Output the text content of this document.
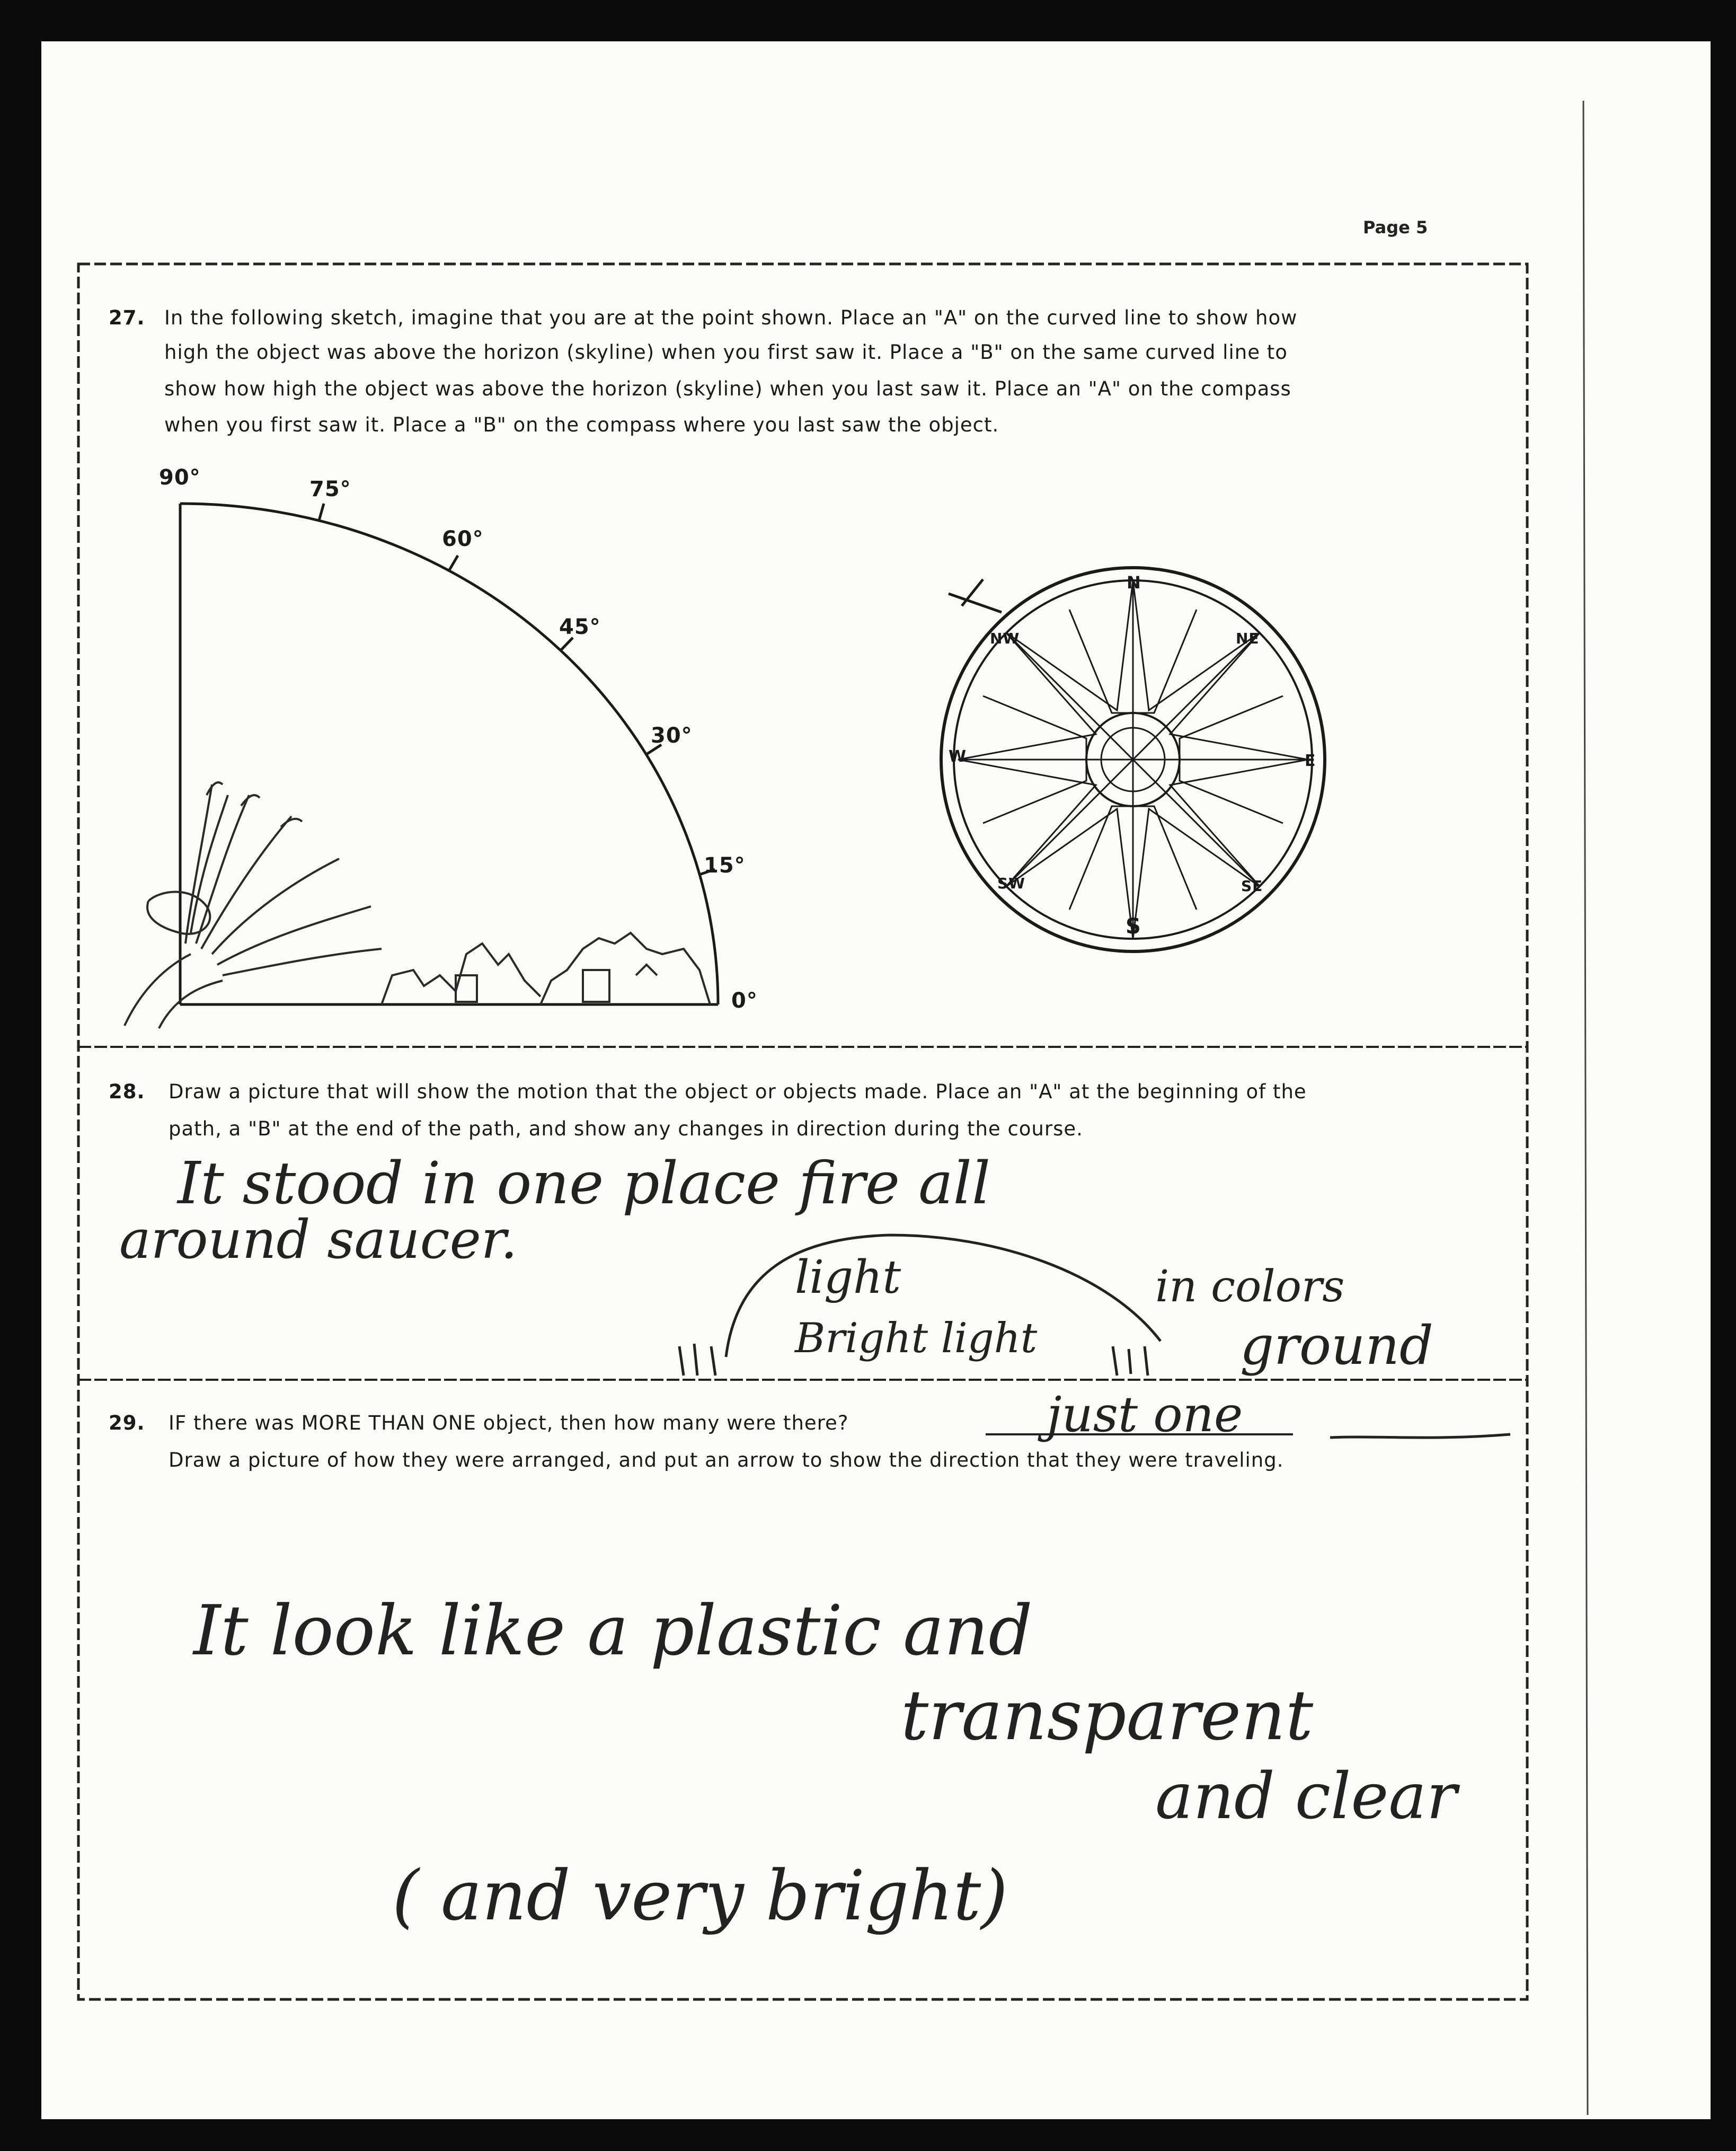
Page 5
27. In the following sketch, imagine that you are at the point shown. Place an "A" on the curved line to show how
high the object was above the horizon (skyline) when you first saw it. Place a "B" on the same curved line to
show how high the object was above the horizon (skyline) when you last saw it. Place an "A" on the compass
when you first saw it. Place a "B" on the compass where you last saw the object.
90°	75°
60°
45°
30°
15°
0°
N
NE
E
SE
S
SW
W
NW
28. Draw a picture that will show the motion that the object or objects made. Place an "A" at the beginning of the
path, a "B" at the end of the path, and show any changes in direction during the course.
It stood in one place fire all
around saucer.
light
Bright light
in colors
ground
29. IF there was MORE THAN ONE object, then how many were there?
Draw a picture of how they were arranged, and put an arrow to show the direction that they were traveling.
just one
It look like a plastic and
transparent
and clear
( and very bright)
